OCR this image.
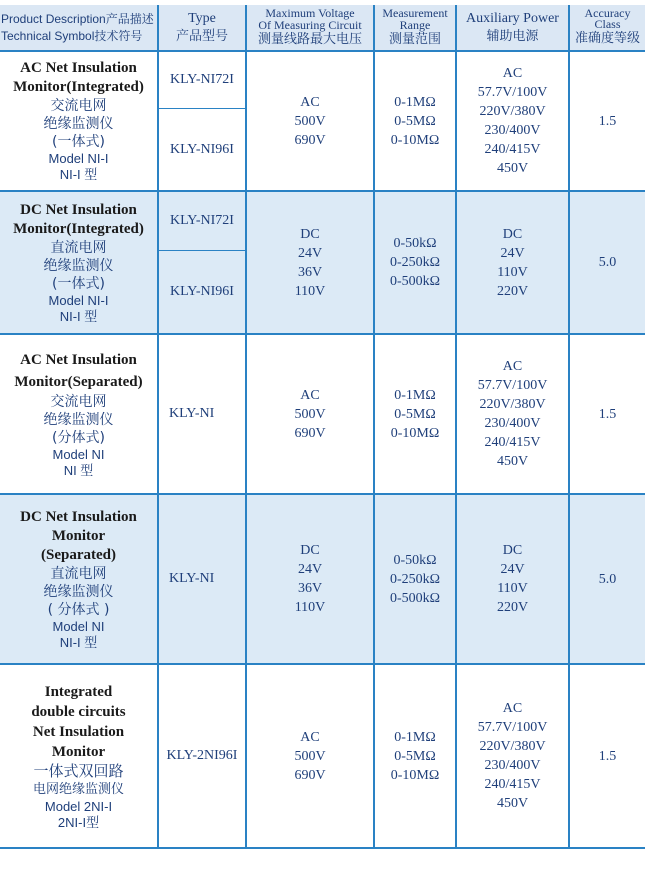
Product Description产品描述
Technical Symbol技术符号
Type
产品型号
Maximum Voltage
Of Measuring Circuit
测量线路最大电压
Measurement
Range
测量范围
Auxiliary Power
辅助电源
Accuracy
Class
准确度等级
AC Net Insulation
Monitor(Integrated)
交流电网
绝缘监测仪
(一体式)
Model NI-I
NI-I 型
KLY-NI72I
KLY-NI96I
AC
500V
690V
0-1MΩ
0-5MΩ
0-10MΩ
AC
57.7V/100V
220V/380V
230/400V
240/415V
450V
1.5
DC Net Insulation
Monitor(Integrated)
直流电网
绝缘监测仪
(一体式)
Model NI-I
NI-I 型
KLY-NI72I
KLY-NI96I
DC
24V
36V
110V
0-50kΩ
0-250kΩ
0-500kΩ
DC
24V
110V
220V
5.0
AC Net Insulation
Monitor(Separated)
交流电网
绝缘监测仪
(分体式)
Model NI
NI 型
KLY-NI
AC
500V
690V
0-1MΩ
0-5MΩ
0-10MΩ
AC
57.7V/100V
220V/380V
230/400V
240/415V
450V
1.5
DC Net Insulation
Monitor
(Separated)
直流电网
绝缘监测仪
( 分体式 )
Model NI
NI-I 型
KLY-NI
DC
24V
36V
110V
0-50kΩ
0-250kΩ
0-500kΩ
DC
24V
110V
220V
5.0
Integrated
double circuits
Net Insulation
Monitor
一体式双回路
电网绝缘监测仪
Model 2NI-I
2NI-I型
KLY-2NI96I
AC
500V
690V
0-1MΩ
0-5MΩ
0-10MΩ
AC
57.7V/100V
220V/380V
230/400V
240/415V
450V
1.5
